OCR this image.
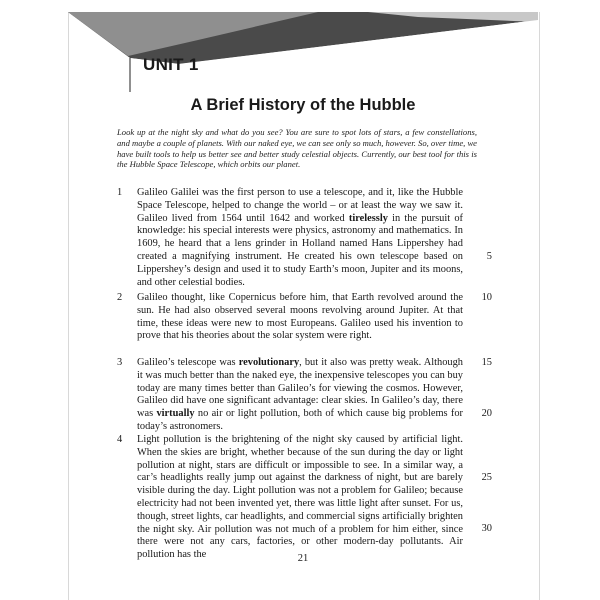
UNIT 1
A Brief History of the Hubble
Look up at the night sky and what do you see? You are sure to spot lots of stars, a few constellations, and maybe a couple of planets. With our naked eye, we can see only so much, however. So, over time, we have built tools to help us better see and better study celestial objects. Currently, our best tool for this is the Hubble Space Telescope, which orbits our planet.
1 Galileo Galilei was the first person to use a telescope, and it, like the Hubble Space Telescope, helped to change the world – or at least the way we saw it. Galileo lived from 1564 until 1642 and worked tirelessly in the pursuit of knowledge: his special interests were physics, astronomy and mathematics. In 1609, he heard that a lens grinder in Holland named Hans Lippershey had created a magnifying instrument. He created his own telescope based on Lippershey’s design and used it to study Earth’s moon, Jupiter and its moons, and other celestial bodies.
2 Galileo thought, like Copernicus before him, that Earth revolved around the sun. He had also observed several moons revolving around Jupiter. At that time, these ideas were new to most Europeans. Galileo used his invention to prove that his theories about the solar system were right.
3 Galileo’s telescope was revolutionary, but it also was pretty weak. Although it was much better than the naked eye, the inexpensive telescopes you can buy today are many times better than Galileo’s for viewing the cosmos. However, Galileo did have one significant advantage: clear skies. In Galileo’s day, there was virtually no air or light pollution, both of which cause big problems for today’s astronomers.
4 Light pollution is the brightening of the night sky caused by artificial light. When the skies are bright, whether because of the sun during the day or light pollution at night, stars are difficult or impossible to see. In a similar way, a car’s headlights really jump out against the darkness of night, but are barely visible during the day. Light pollution was not a problem for Galileo; because electricity had not been invented yet, there was little light after sunset. For us, though, street lights, car headlights, and commercial signs artificially brighten the night sky. Air pollution was not much of a problem for him either, since there were not any cars, factories, or other modern-day pollutants. Air pollution has the
5
10
15
20
25
30
21
